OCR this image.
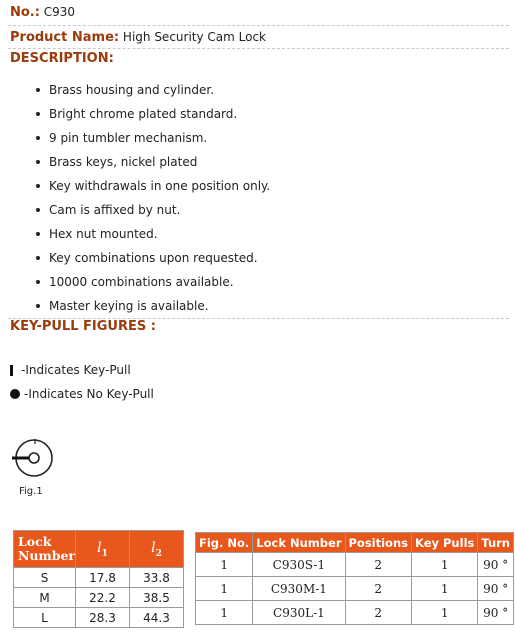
No.: C930
Product Name: High Security Cam Lock
DESCRIPTION:
Brass housing and cylinder.
Bright chrome plated standard.
9 pin tumbler mechanism.
Brass keys, nickel plated
Key withdrawals in one position only.
Cam is affixed by nut.
Hex nut mounted.
Key combinations upon requested.
10000 combinations available.
Master keying is available.
KEY-PULL FIGURES :
-Indicates Key-Pull
-Indicates No Key-Pull
Fig.1
Lock
Number	$l_1$	$l_2$
S	17.8	33.8
M	22.2	38.5
L	28.3	44.3
Fig. No.	Lock Number	Positions	Key Pulls	Turn
1	C930S-1	2	1	90 °
1	C930M-1	2	1	90 °
1	C930L-1	2	1	90 °
